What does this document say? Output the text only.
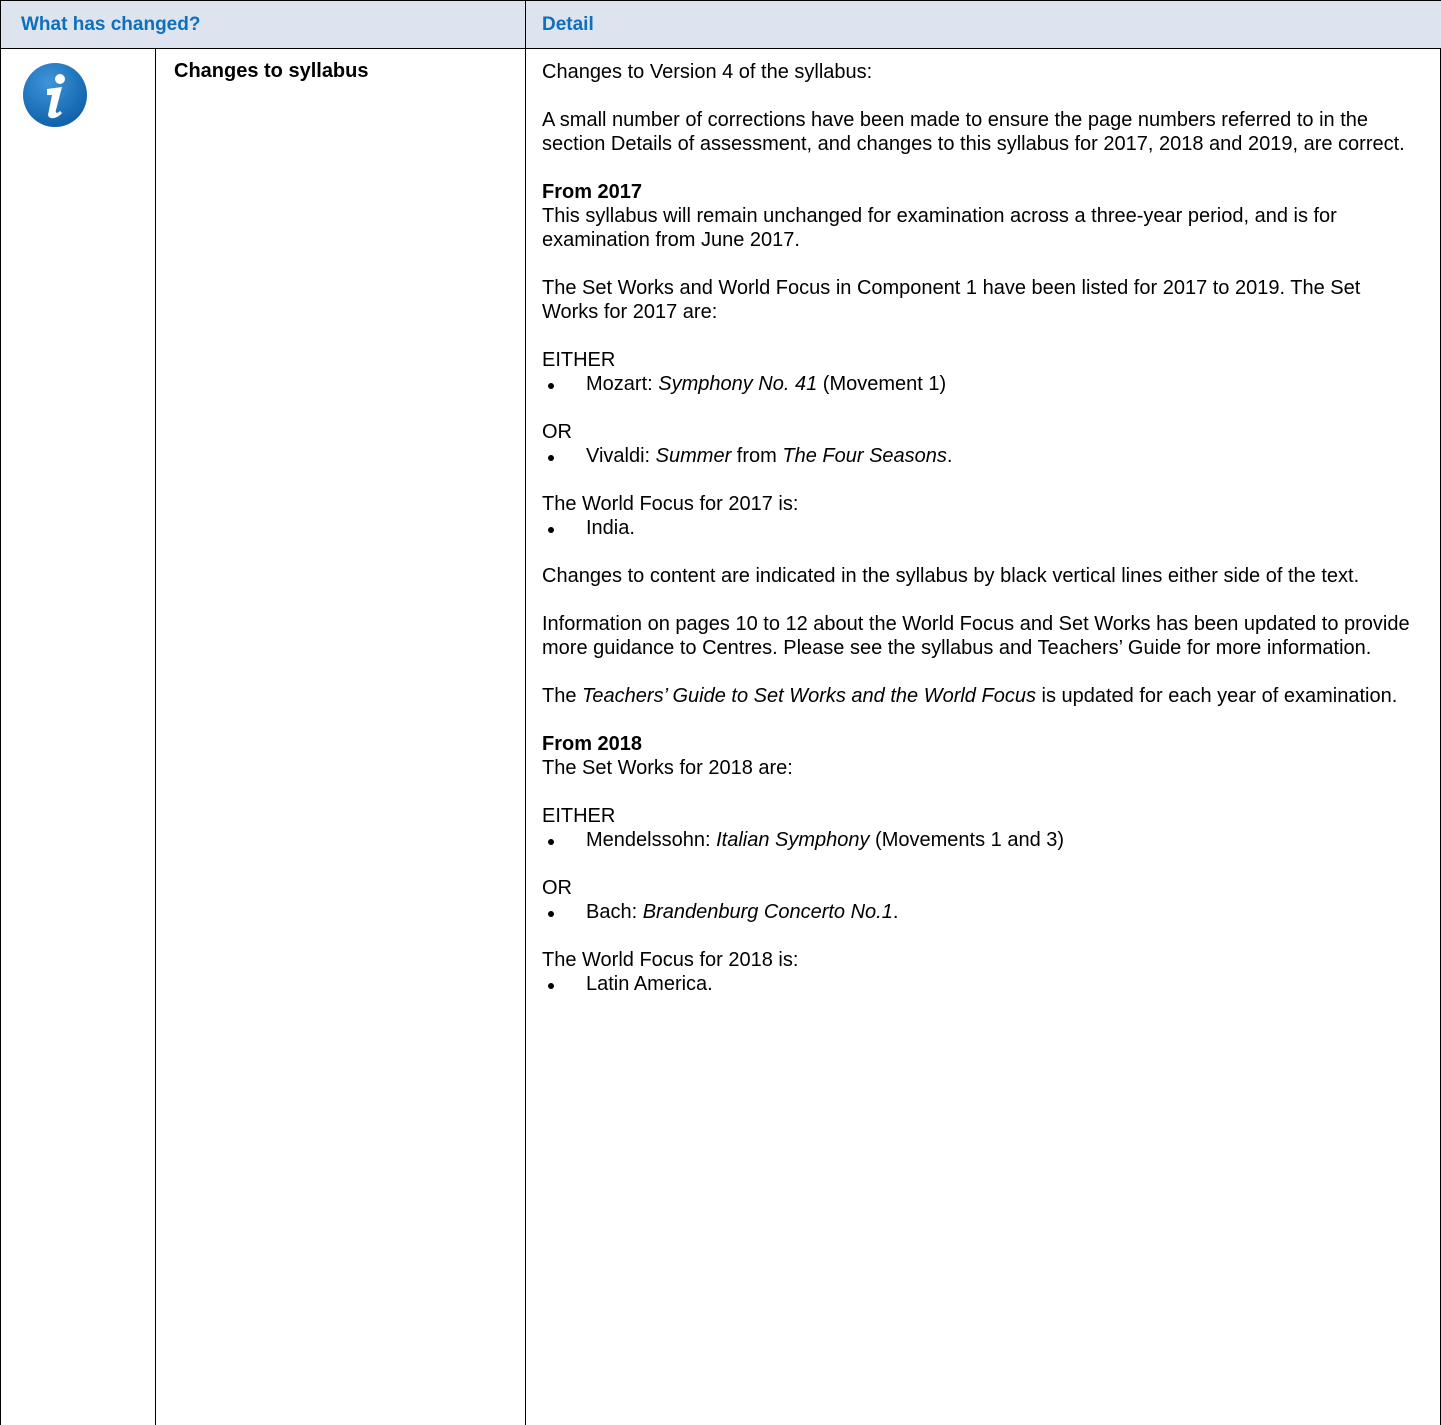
What has changed?	Detail
Changes to syllabus	Changes to Version 4 of the syllabus:

A small number of corrections have been made to ensure the page numbers referred to in the section Details of assessment, and changes to this syllabus for 2017, 2018 and 2019, are correct.

From 2017

This syllabus will remain unchanged for examination across a three-year period, and is for examination from June 2017.

The Set Works and World Focus in Component 1 have been listed for 2017 to 2019. The Set Works for 2017 are:

EITHER

Mozart: Symphony No. 41 (Movement 1)

OR

Vivaldi: Summer from The Four Seasons.

The World Focus for 2017 is:

India.

Changes to content are indicated in the syllabus by black vertical lines either side of the text.

Information on pages 10 to 12 about the World Focus and Set Works has been updated to provide more guidance to Centres. Please see the syllabus and Teachers’ Guide for more information.

The Teachers’ Guide to Set Works and the World Focus is updated for each year of examination.

From 2018

The Set Works for 2018 are:

EITHER

Mendelssohn: Italian Symphony (Movements 1 and 3)

OR

Bach: Brandenburg Concerto No.1.

The World Focus for 2018 is:

Latin America.
